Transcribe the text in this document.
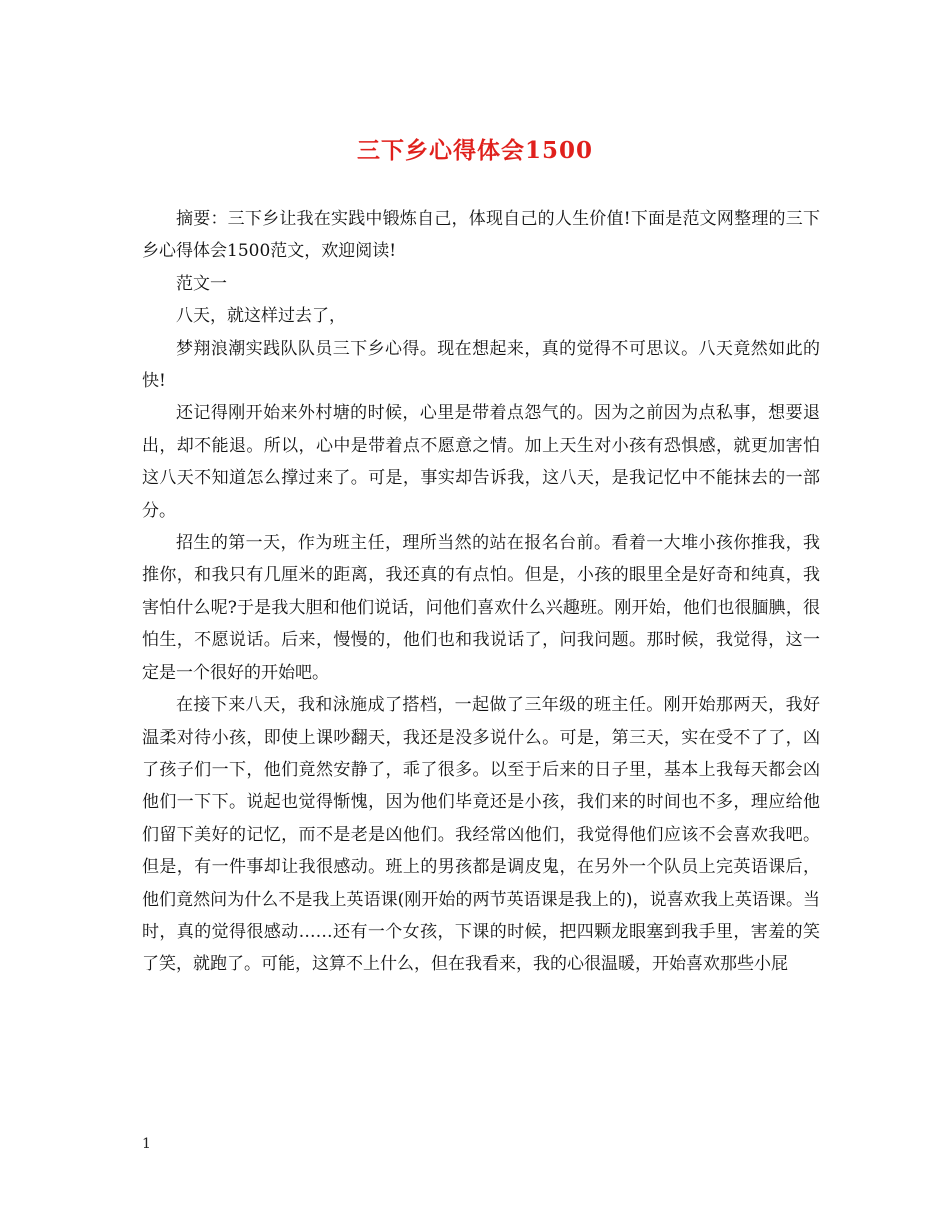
三下乡心得体会1500

摘要：三下乡让我在实践中锻炼自己，体现自己的人生价值!下面是范文网整理的三下乡心得体会1500范文，欢迎阅读!

范文一

八天，就这样过去了，

梦翔浪潮实践队队员三下乡心得。现在想起来，真的觉得不可思议。八天竟然如此的快!

还记得刚开始来外村塘的时候，心里是带着点怨气的。因为之前因为点私事，想要退出，却不能退。所以，心中是带着点不愿意之情。加上天生对小孩有恐惧感，就更加害怕这八天不知道怎么撑过来了。可是，事实却告诉我，这八天，是我记忆中不能抹去的一部分。

招生的第一天，作为班主任，理所当然的站在报名台前。看着一大堆小孩你推我，我推你，和我只有几厘米的距离，我还真的有点怕。但是，小孩的眼里全是好奇和纯真，我害怕什么呢?于是我大胆和他们说话，问他们喜欢什么兴趣班。刚开始，他们也很腼腆，很怕生，不愿说话。后来，慢慢的，他们也和我说话了，问我问题。那时候，我觉得，这一定是一个很好的开始吧。

在接下来八天，我和泳施成了搭档，一起做了三年级的班主任。刚开始那两天，我好温柔对待小孩，即使上课吵翻天，我还是没多说什么。可是，第三天，实在受不了了，凶了孩子们一下，他们竟然安静了，乖了很多。以至于后来的日子里，基本上我每天都会凶他们一下下。说起也觉得惭愧，因为他们毕竟还是小孩，我们来的时间也不多，理应给他们留下美好的记忆，而不是老是凶他们。我经常凶他们，我觉得他们应该不会喜欢我吧。但是，有一件事却让我很感动。班上的男孩都是调皮鬼，在另外一个队员上完英语课后，他们竟然问为什么不是我上英语课(刚开始的两节英语课是我上的)，说喜欢我上英语课。当时，真的觉得很感动……还有一个女孩，下课的时候，把四颗龙眼塞到我手里，害羞的笑了笑，就跑了。可能，这算不上什么，但在我看来，我的心很温暖，开始喜欢那些小屁

1
